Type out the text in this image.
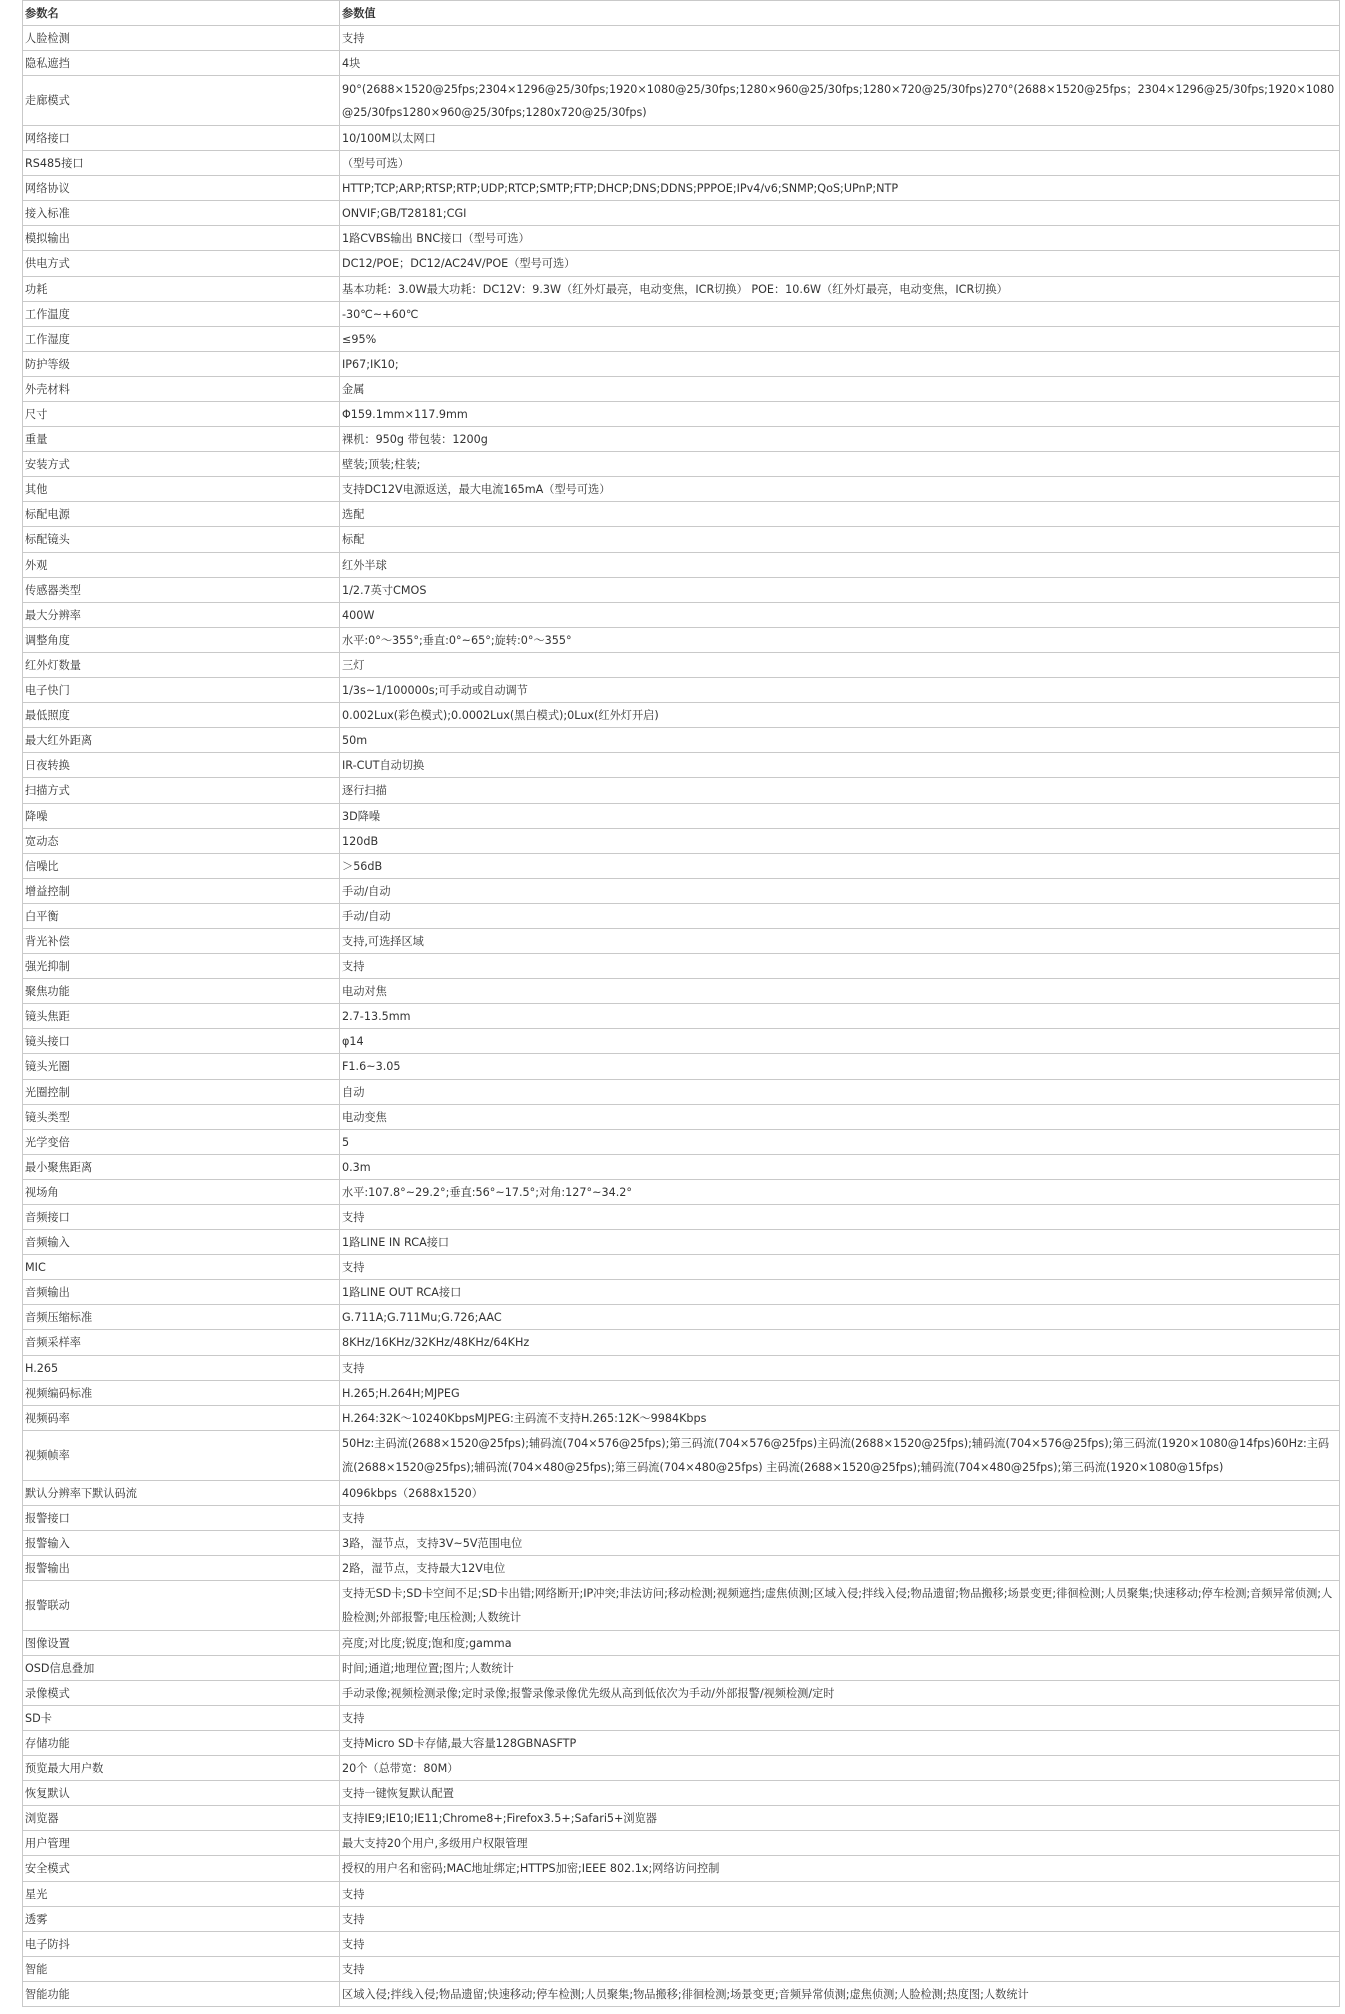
参数名	参数值
人脸检测	支持
隐私遮挡	4块
走廊模式	90°(2688×1520@25fps;2304×1296@25/30fps;1920×1080@25/30fps;1280×960@25/30fps;1280×720@25/30fps)270°(2688×1520@25fps；2304×1296@25/30fps;1920×1080@25/30fps1280×960@25/30fps;1280x720@25/30fps)
网络接口	10/100M以太网口
RS485接口	（型号可选）
网络协议	HTTP;TCP;ARP;RTSP;RTP;UDP;RTCP;SMTP;FTP;DHCP;DNS;DDNS;PPPOE;IPv4/v6;SNMP;QoS;UPnP;NTP
接入标准	ONVIF;GB/T28181;CGI
模拟输出	1路CVBS输出 BNC接口（型号可选）
供电方式	DC12/POE；DC12/AC24V/POE（型号可选）
功耗	基本功耗：3.0W最大功耗：DC12V：9.3W（红外灯最亮，电动变焦，ICR切换） POE：10.6W（红外灯最亮，电动变焦，ICR切换）
工作温度	-30℃~+60℃
工作湿度	≤95%
防护等级	IP67;IK10;
外壳材料	金属
尺寸	Φ159.1mm×117.9mm
重量	裸机：950g 带包装：1200g
安装方式	壁装;顶装;柱装;
其他	支持DC12V电源返送，最大电流165mA（型号可选）
标配电源	选配
标配镜头	标配
外观	红外半球
传感器类型	1/2.7英寸CMOS
最大分辨率	400W
调整角度	水平:0°～355°;垂直:0°~65°;旋转:0°～355°
红外灯数量	三灯
电子快门	1/3s~1/100000s;可手动或自动调节
最低照度	0.002Lux(彩色模式);0.0002Lux(黑白模式);0Lux(红外灯开启)
最大红外距离	50m
日夜转换	IR-CUT自动切换
扫描方式	逐行扫描
降噪	3D降噪
宽动态	120dB
信噪比	＞56dB
增益控制	手动/自动
白平衡	手动/自动
背光补偿	支持,可选择区域
强光抑制	支持
聚焦功能	电动对焦
镜头焦距	2.7-13.5mm
镜头接口	φ14
镜头光圈	F1.6~3.05
光圈控制	自动
镜头类型	电动变焦
光学变倍	5
最小聚焦距离	0.3m
视场角	水平:107.8°~29.2°;垂直:56°~17.5°;对角:127°~34.2°
音频接口	支持
音频输入	1路LINE IN RCA接口
MIC	支持
音频输出	1路LINE OUT RCA接口
音频压缩标准	G.711A;G.711Mu;G.726;AAC
音频采样率	8KHz/16KHz/32KHz/48KHz/64KHz
H.265	支持
视频编码标准	H.265;H.264H;MJPEG
视频码率	H.264:32K～10240KbpsMJPEG:主码流不支持H.265:12K～9984Kbps
视频帧率	50Hz:主码流(2688×1520@25fps);辅码流(704×576@25fps);第三码流(704×576@25fps)主码流(2688×1520@25fps);辅码流(704×576@25fps);第三码流(1920×1080@14fps)60Hz:主码流(2688×1520@25fps);辅码流(704×480@25fps);第三码流(704×480@25fps) 主码流(2688×1520@25fps);辅码流(704×480@25fps);第三码流(1920×1080@15fps)
默认分辨率下默认码流	4096kbps（2688x1520）
报警接口	支持
报警输入	3路，湿节点，支持3V~5V范围电位
报警输出	2路，湿节点，支持最大12V电位
报警联动	支持无SD卡;SD卡空间不足;SD卡出错;网络断开;IP冲突;非法访问;移动检测;视频遮挡;虚焦侦测;区域入侵;拌线入侵;物品遗留;物品搬移;场景变更;徘徊检测;人员聚集;快速移动;停车检测;音频异常侦测;人脸检测;外部报警;电压检测;人数统计
图像设置	亮度;对比度;锐度;饱和度;gamma
OSD信息叠加	时间;通道;地理位置;图片;人数统计
录像模式	手动录像;视频检测录像;定时录像;报警录像录像优先级从高到低依次为手动/外部报警/视频检测/定时
SD卡	支持
存储功能	支持Micro SD卡存储,最大容量128GBNASFTP
预览最大用户数	20个（总带宽：80M）
恢复默认	支持一键恢复默认配置
浏览器	支持IE9;IE10;IE11;Chrome8+;Firefox3.5+;Safari5+浏览器
用户管理	最大支持20个用户,多级用户权限管理
安全模式	授权的用户名和密码;MAC地址绑定;HTTPS加密;IEEE 802.1x;网络访问控制
星光	支持
透雾	支持
电子防抖	支持
智能	支持
智能功能	区域入侵;拌线入侵;物品遗留;快速移动;停车检测;人员聚集;物品搬移;徘徊检测;场景变更;音频异常侦测;虚焦侦测;人脸检测;热度图;人数统计
